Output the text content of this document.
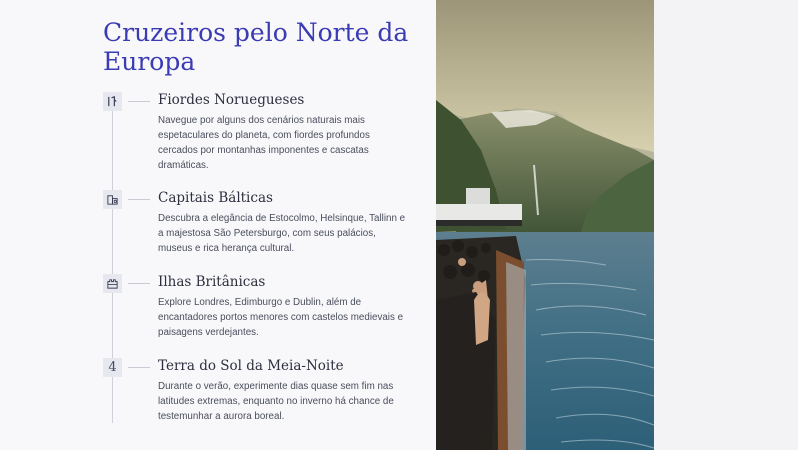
Cruzeiros pelo Norte da Europa
Fiordes Noruegueses

Navegue por alguns dos cenários naturais mais espetaculares do planeta, com fiordes profundos cercados por montanhas imponentes e cascatas dramáticas.

Capitais Bálticas

Descubra a elegância de Estocolmo, Helsinque, Tallinn e a majestosa São Petersburgo, com seus palácios, museus e rica herança cultural.

Ilhas Britânicas

Explore Londres, Edimburgo e Dublin, além de encantadores portos menores com castelos medievais e paisagens verdejantes.

4	Terra do Sol da Meia-Noite

Durante o verão, experimente dias quase sem fim nas latitudes extremas, enquanto no inverno há chance de testemunhar a aurora boreal.
